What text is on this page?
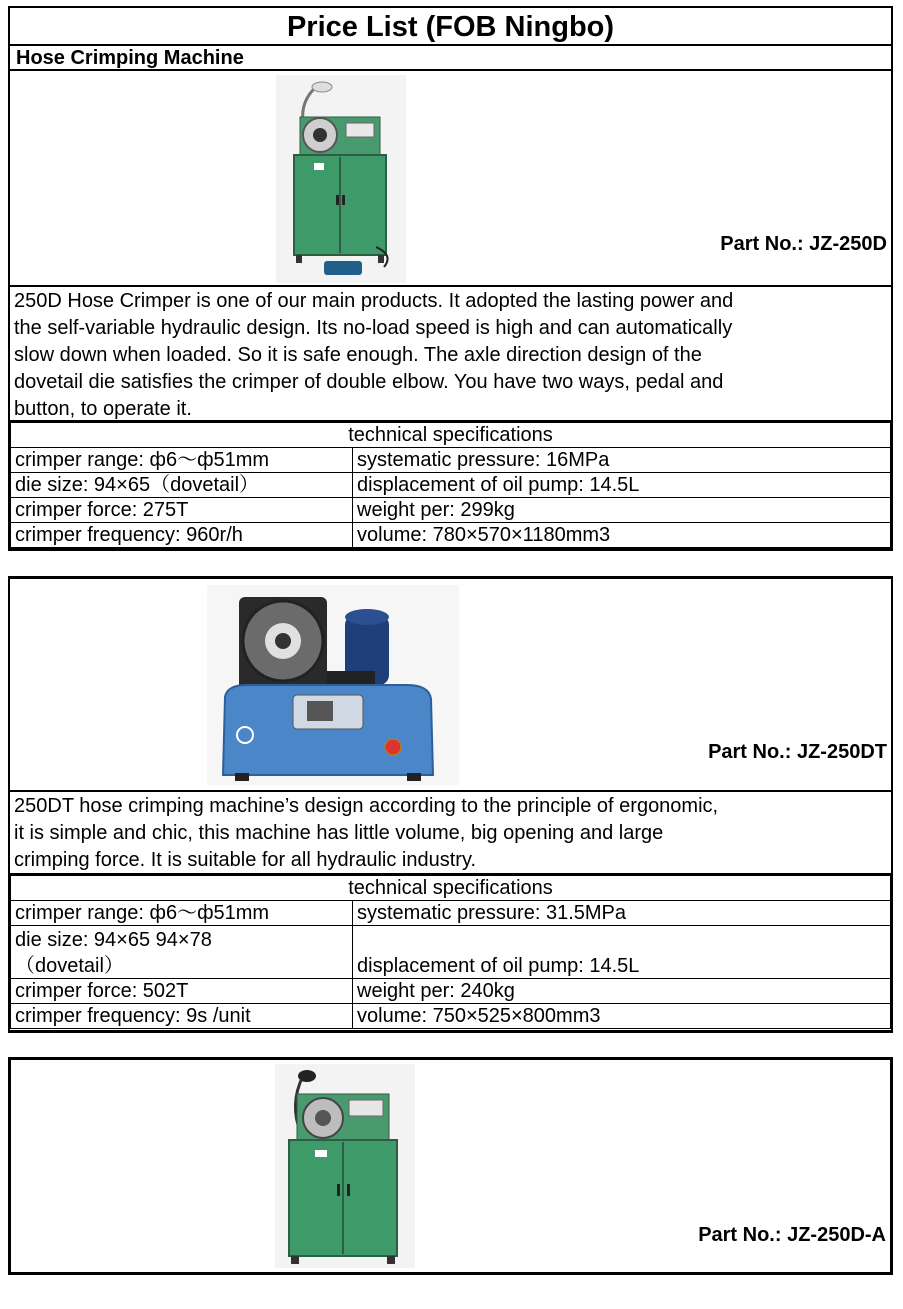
Price List (FOB Ningbo)
Hose Crimping Machine
Part No.: JZ-250D
250D Hose Crimper is one of our main products. It adopted the lasting power and
the self-variable hydraulic design. Its no-load speed is high and can automatically
slow down when loaded. So it is safe enough. The axle direction design of the
dovetail die satisfies the crimper of double elbow. You have two ways, pedal and
button, to operate it.
technical specifications	
crimper range: ф6～ф51mm	systematic pressure: 16MPa
die size: 94×65（dovetail）	displacement of oil pump: 14.5L
crimper force: 275T	weight per: 299kg
crimper frequency: 960r/h	volume: 780×570×1180mm3
Part No.: JZ-250DT
250DT hose crimping machine’s design according to the principle of ergonomic,
it is simple and chic, this machine has little volume, big opening and large
crimping force. It is suitable for all hydraulic industry.
technical specifications	
crimper range: ф6～ф51mm	systematic pressure: 31.5MPa
die size: 94×65 94×78	displacement of oil pump: 14.5L
（dovetail）	
crimper force: 502T	weight per: 240kg
crimper frequency: 9s /unit	volume: 750×525×800mm3
Part No.: JZ-250D-A
